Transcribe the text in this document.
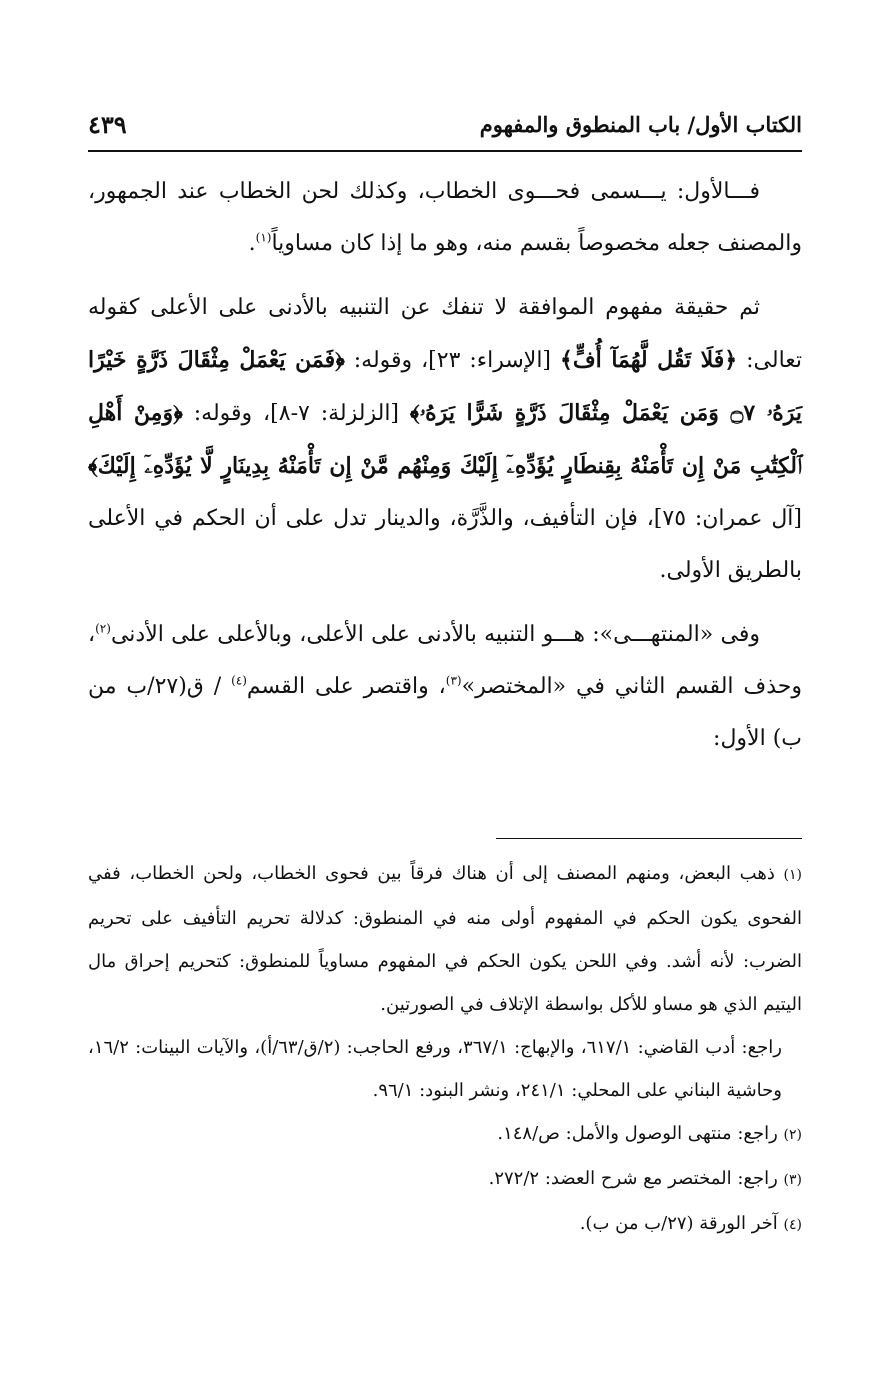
الكتاب الأول/ باب المنطوق والمفهوم
٤٣٩

فـــالأول: يـــسمى فحـــوى الخطاب، وكذلك لحن الخطاب عند الجمهور، والمصنف جعله مخصوصاً بقسم منه، وهو ما إذا كان مساوياً$^{(١)}$.

ثم حقيقة مفهوم الموافقة لا تنفك عن التنبيه بالأدنى على الأعلى كقوله تعالى: ﴿فَلَا تَقُل لَّهُمَآ أُفٍّ﴾ [الإسراء: ٢٣]، وقوله: ﴿فَمَن يَعْمَلْ مِثْقَالَ ذَرَّةٍ خَيْرًا يَرَهُۥ ۝٧ وَمَن يَعْمَلْ مِثْقَالَ ذَرَّةٍ شَرًّا يَرَهُۥ﴾ [الزلزلة: ٧-٨]، وقوله: ﴿وَمِنْ أَهْلِ ٱلْكِتَٰبِ مَنْ إِن تَأْمَنْهُ بِقِنطَارٍ يُؤَدِّهِۦٓ إِلَيْكَ وَمِنْهُم مَّنْ إِن تَأْمَنْهُ بِدِينَارٍ لَّا يُؤَدِّهِۦٓ إِلَيْكَ﴾ [آل عمران: ٧٥]، فإن التأفيف، والذَّرَّة، والدينار تدل على أن الحكم في الأعلى بالطريق الأولى.

وفى «المنتهـــى»: هـــو التنبيه بالأدنى على الأعلى، وبالأعلى على الأدنى$^{(٢)}$، وحذف القسم الثاني في «المختصر»$^{(٣)}$، واقتصر على القسم$^{(٤)}$ / ق(٢٧/ب من ب) الأول:

(١) ذهب البعض، ومنهم المصنف إلى أن هناك فرقاً بين فحوى الخطاب، ولحن الخطاب، ففي الفحوى يكون الحكم في المفهوم أولى منه في المنطوق: كدلالة تحريم التأفيف على تحريم الضرب: لأنه أشد. وفي اللحن يكون الحكم في المفهوم مساوياً للمنطوق: كتحريم إحراق مال اليتيم الذي هو مساو للأكل بواسطة الإتلاف في الصورتين.

راجع: أدب القاضي: ٦١٧/١، والإبهاج: ٣٦٧/١، ورفع الحاجب: (٢/ق/٦٣/أ)، والآيات البينات: ١٦/٢، وحاشية البناني على المحلي: ٢٤١/١، ونشر البنود: ٩٦/١.

(٢) راجع: منتهى الوصول والأمل: ص/١٤٨.

(٣) راجع: المختصر مع شرح العضد: ٢٧٢/٢.

(٤) آخر الورقة (٢٧/ب من ب).
